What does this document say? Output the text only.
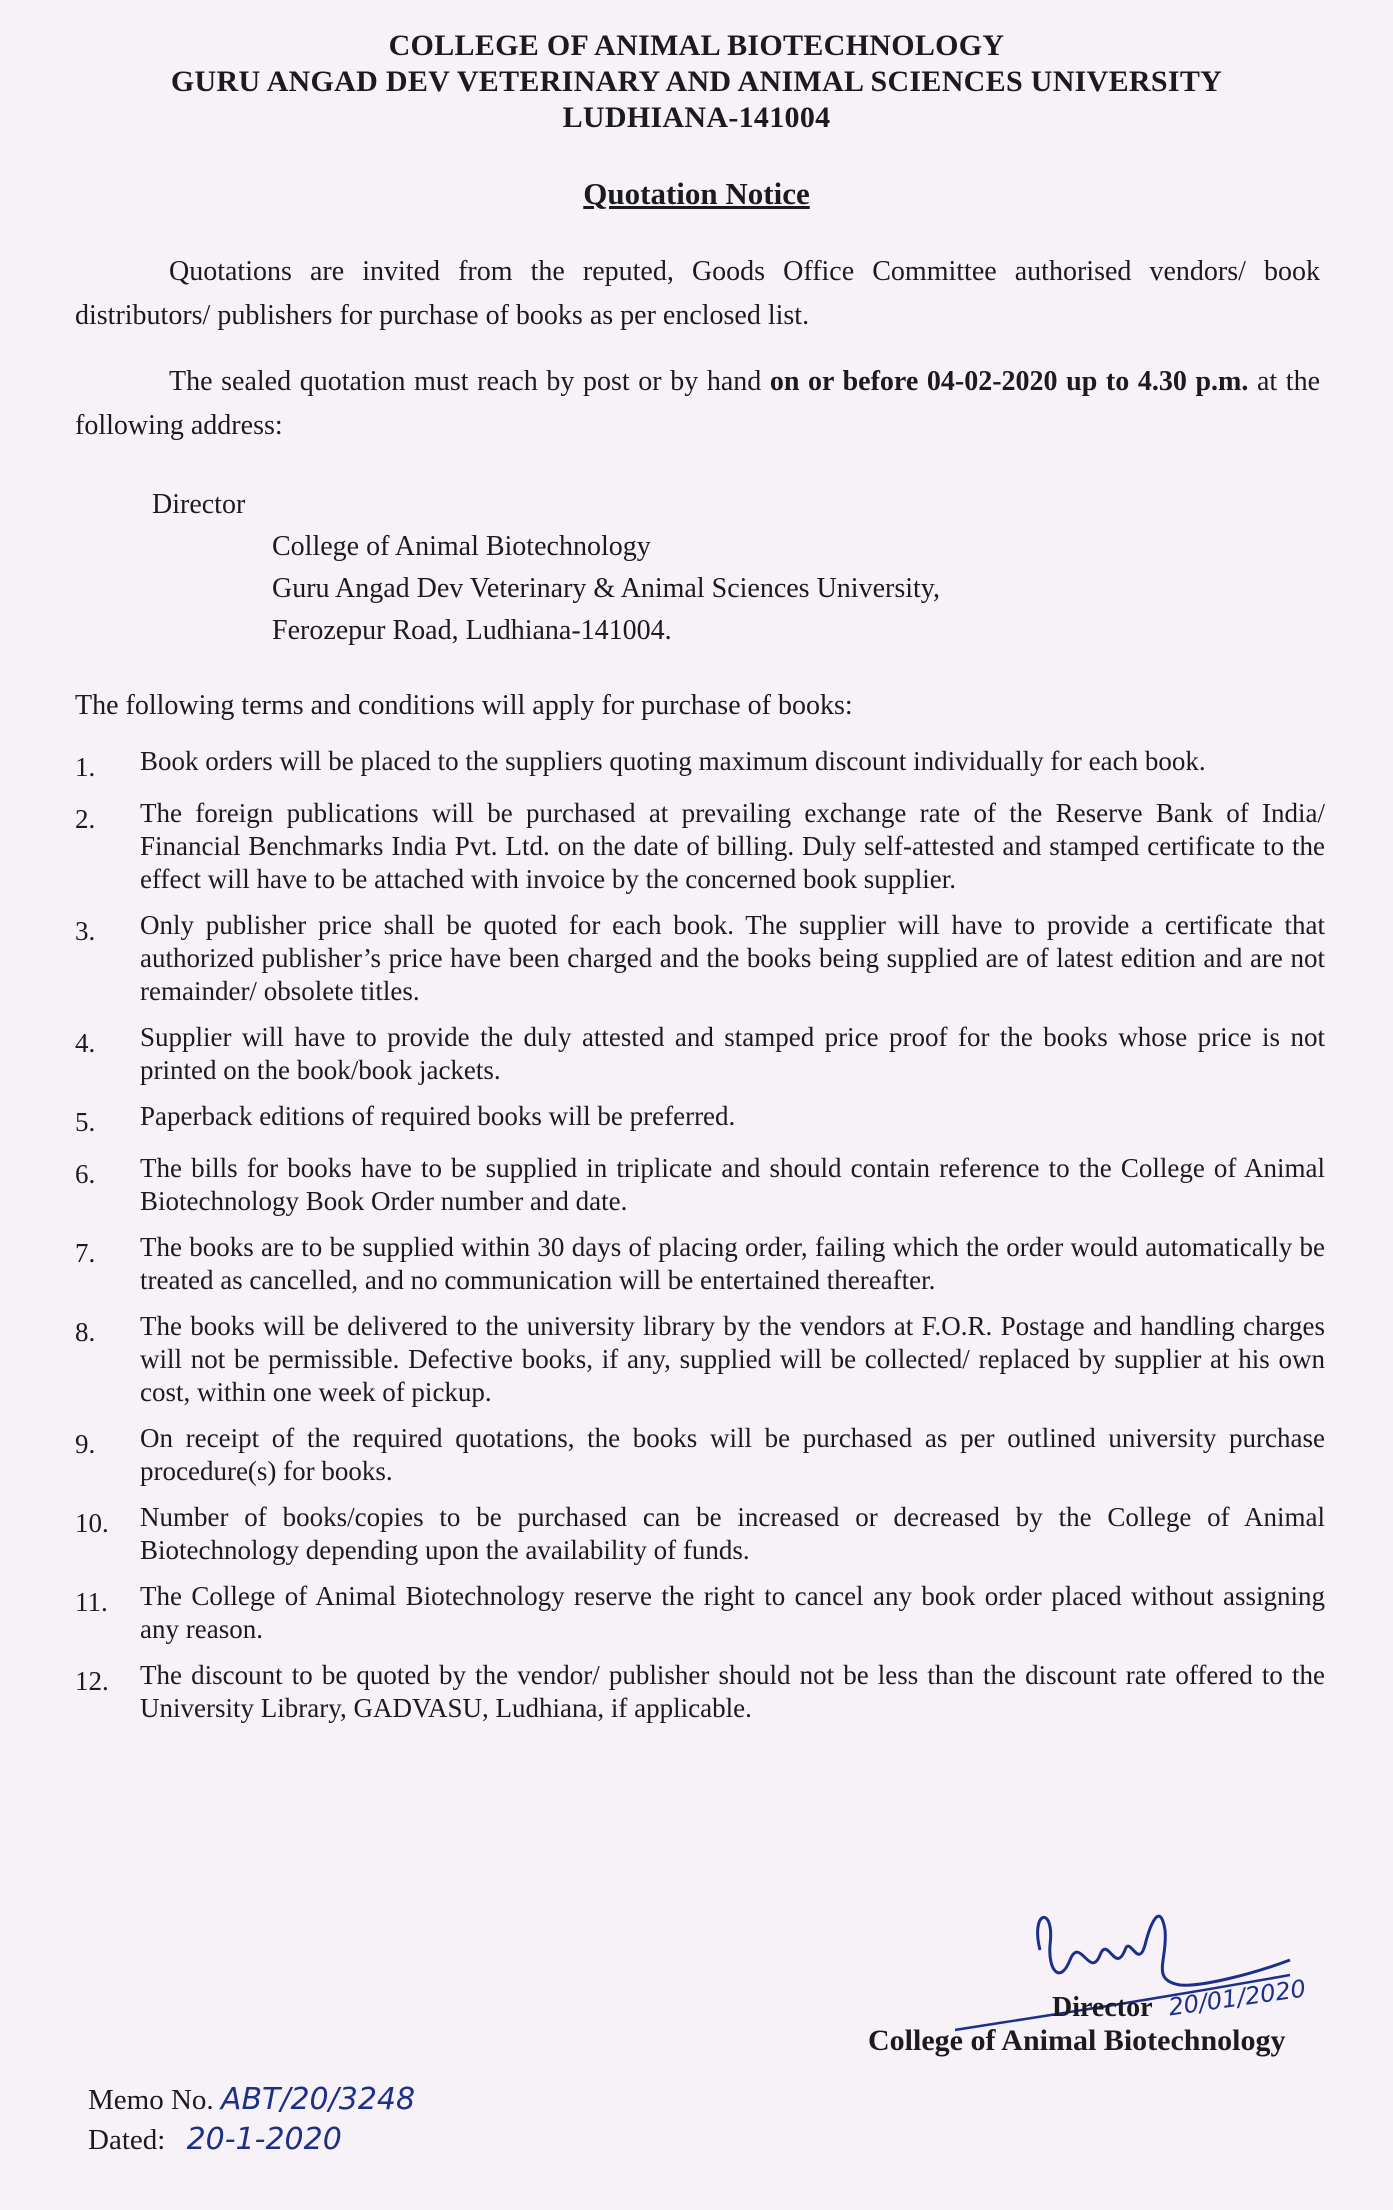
COLLEGE OF ANIMAL BIOTECHNOLOGY
GURU ANGAD DEV VETERINARY AND ANIMAL SCIENCES UNIVERSITY
LUDHIANA-141004
Quotation Notice
Quotations are invited from the reputed, Goods Office Committee authorised vendors/ book distributors/ publishers for purchase of books as per enclosed list.
The sealed quotation must reach by post or by hand on or before 04-02-2020 up to 4.30 p.m. at the following address:
Director
College of Animal Biotechnology
Guru Angad Dev Veterinary & Animal Sciences University,
Ferozepur Road, Ludhiana-141004.
The following terms and conditions will apply for purchase of books:
1.	Book orders will be placed to the suppliers quoting maximum discount individually for each book.
2.	The foreign publications will be purchased at prevailing exchange rate of the Reserve Bank of India/ Financial Benchmarks India Pvt. Ltd. on the date of billing. Duly self-attested and stamped certificate to the effect will have to be attached with invoice by the concerned book supplier.
3.	Only publisher price shall be quoted for each book. The supplier will have to provide a certificate that authorized publisher’s price have been charged and the books being supplied are of latest edition and are not remainder/ obsolete titles.
4.	Supplier will have to provide the duly attested and stamped price proof for the books whose price is not printed on the book/book jackets.
5.	Paperback editions of required books will be preferred.
6.	The bills for books have to be supplied in triplicate and should contain reference to the College of Animal Biotechnology Book Order number and date.
7.	The books are to be supplied within 30 days of placing order, failing which the order would automatically be treated as cancelled, and no communication will be entertained thereafter.
8.	The books will be delivered to the university library by the vendors at F.O.R. Postage and handling charges will not be permissible. Defective books, if any, supplied will be collected/ replaced by supplier at his own cost, within one week of pickup.
9.	On receipt of the required quotations, the books will be purchased as per outlined university purchase procedure(s) for books.
10.	Number of books/copies to be purchased can be increased or decreased by the College of Animal Biotechnology depending upon the availability of funds.
11.	The College of Animal Biotechnology reserve the right to cancel any book order placed without assigning any reason.
12.	The discount to be quoted by the vendor/ publisher should not be less than the discount rate offered to the University Library, GADVASU, Ludhiana, if applicable.
20/01/2020
Director
College of Animal Biotechnology
Memo No. ABT/20/3248
Dated: 20-1-2020
